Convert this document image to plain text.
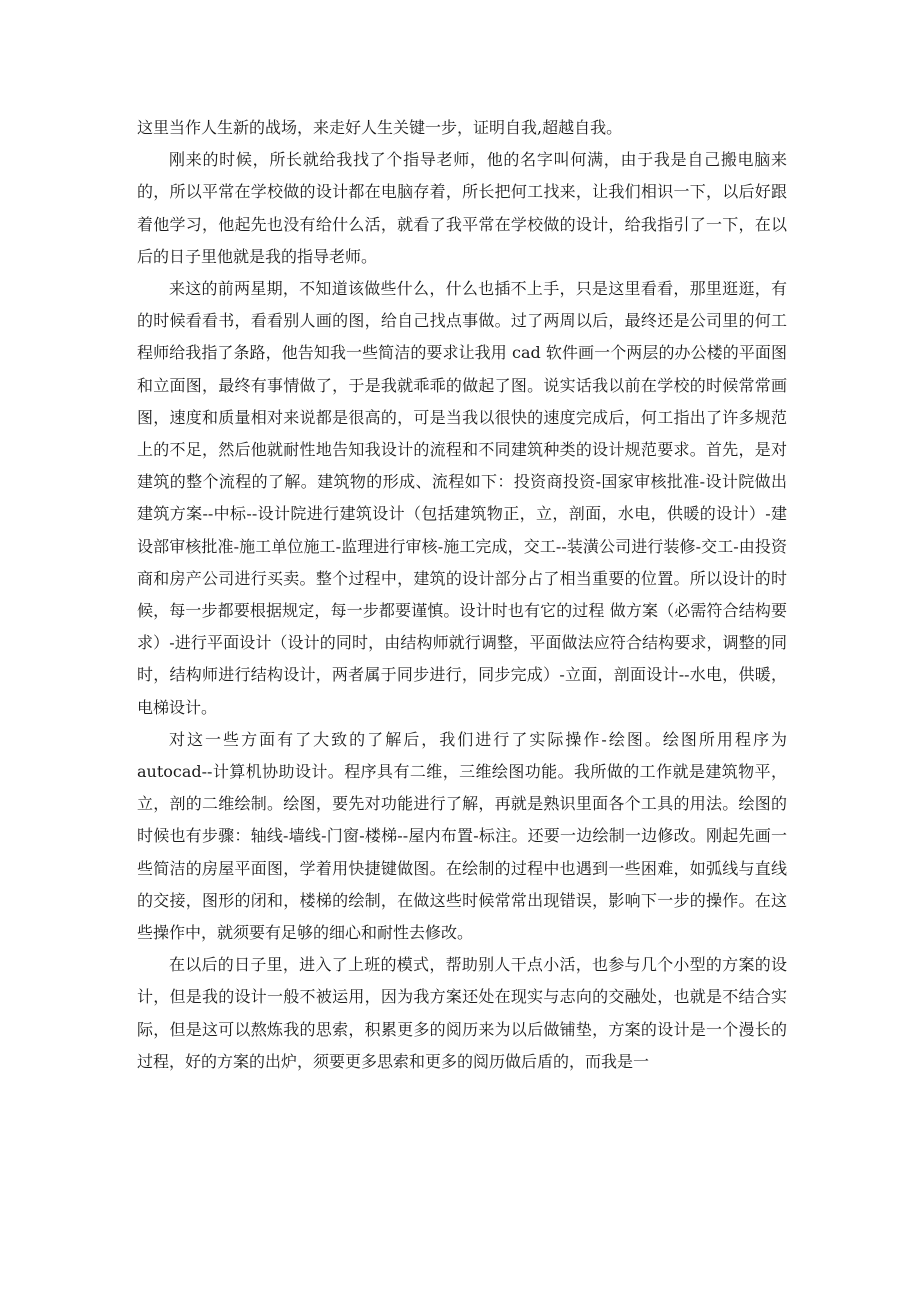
这里当作人生新的战场，来走好人生关键一步，证明自我,超越自我。

刚来的时候，所长就给我找了个指导老师，他的名字叫何满，由于我是自己搬电脑来的，所以平常在学校做的设计都在电脑存着，所长把何工找来，让我们相识一下，以后好跟着他学习，他起先也没有给什么活，就看了我平常在学校做的设计，给我指引了一下，在以后的日子里他就是我的指导老师。

来这的前两星期，不知道该做些什么，什么也插不上手，只是这里看看，那里逛逛，有的时候看看书，看看别人画的图，给自己找点事做。过了两周以后，最终还是公司里的何工程师给我指了条路，他告知我一些简洁的要求让我用 cad 软件画一个两层的办公楼的平面图和立面图，最终有事情做了，于是我就乖乖的做起了图。说实话我以前在学校的时候常常画图，速度和质量相对来说都是很高的，可是当我以很快的速度完成后，何工指出了许多规范上的不足，然后他就耐性地告知我设计的流程和不同建筑种类的设计规范要求。首先，是对建筑的整个流程的了解。建筑物的形成、流程如下：投资商投资-国家审核批准-设计院做出建筑方案--中标--设计院进行建筑设计（包括建筑物正，立，剖面，水电，供暖的设计）-建设部审核批准-施工单位施工-监理进行审核-施工完成，交工--装潢公司进行装修-交工-由投资商和房产公司进行买卖。整个过程中，建筑的设计部分占了相当重要的位置。所以设计的时候，每一步都要根据规定，每一步都要谨慎。设计时也有它的过程 做方案（必需符合结构要求）-进行平面设计（设计的同时，由结构师就行调整，平面做法应符合结构要求，调整的同时，结构师进行结构设计，两者属于同步进行，同步完成）-立面，剖面设计--水电，供暖，电梯设计。

对这一些方面有了大致的了解后，我们进行了实际操作-绘图。绘图所用程序为 autocad--计算机协助设计。程序具有二维，三维绘图功能。我所做的工作就是建筑物平，立，剖的二维绘制。绘图，要先对功能进行了解，再就是熟识里面各个工具的用法。绘图的时候也有步骤：轴线-墙线-门窗-楼梯--屋内布置-标注。还要一边绘制一边修改。刚起先画一些简洁的房屋平面图，学着用快捷键做图。在绘制的过程中也遇到一些困难，如弧线与直线的交接，图形的闭和，楼梯的绘制，在做这些时候常常出现错误，影响下一步的操作。在这些操作中，就须要有足够的细心和耐性去修改。

在以后的日子里，进入了上班的模式，帮助别人干点小活，也参与几个小型的方案的设计，但是我的设计一般不被运用，因为我方案还处在现实与志向的交融处，也就是不结合实际，但是这可以熬炼我的思索，积累更多的阅历来为以后做铺垫，方案的设计是一个漫长的过程，好的方案的出炉，须要更多思索和更多的阅历做后盾的，而我是一
